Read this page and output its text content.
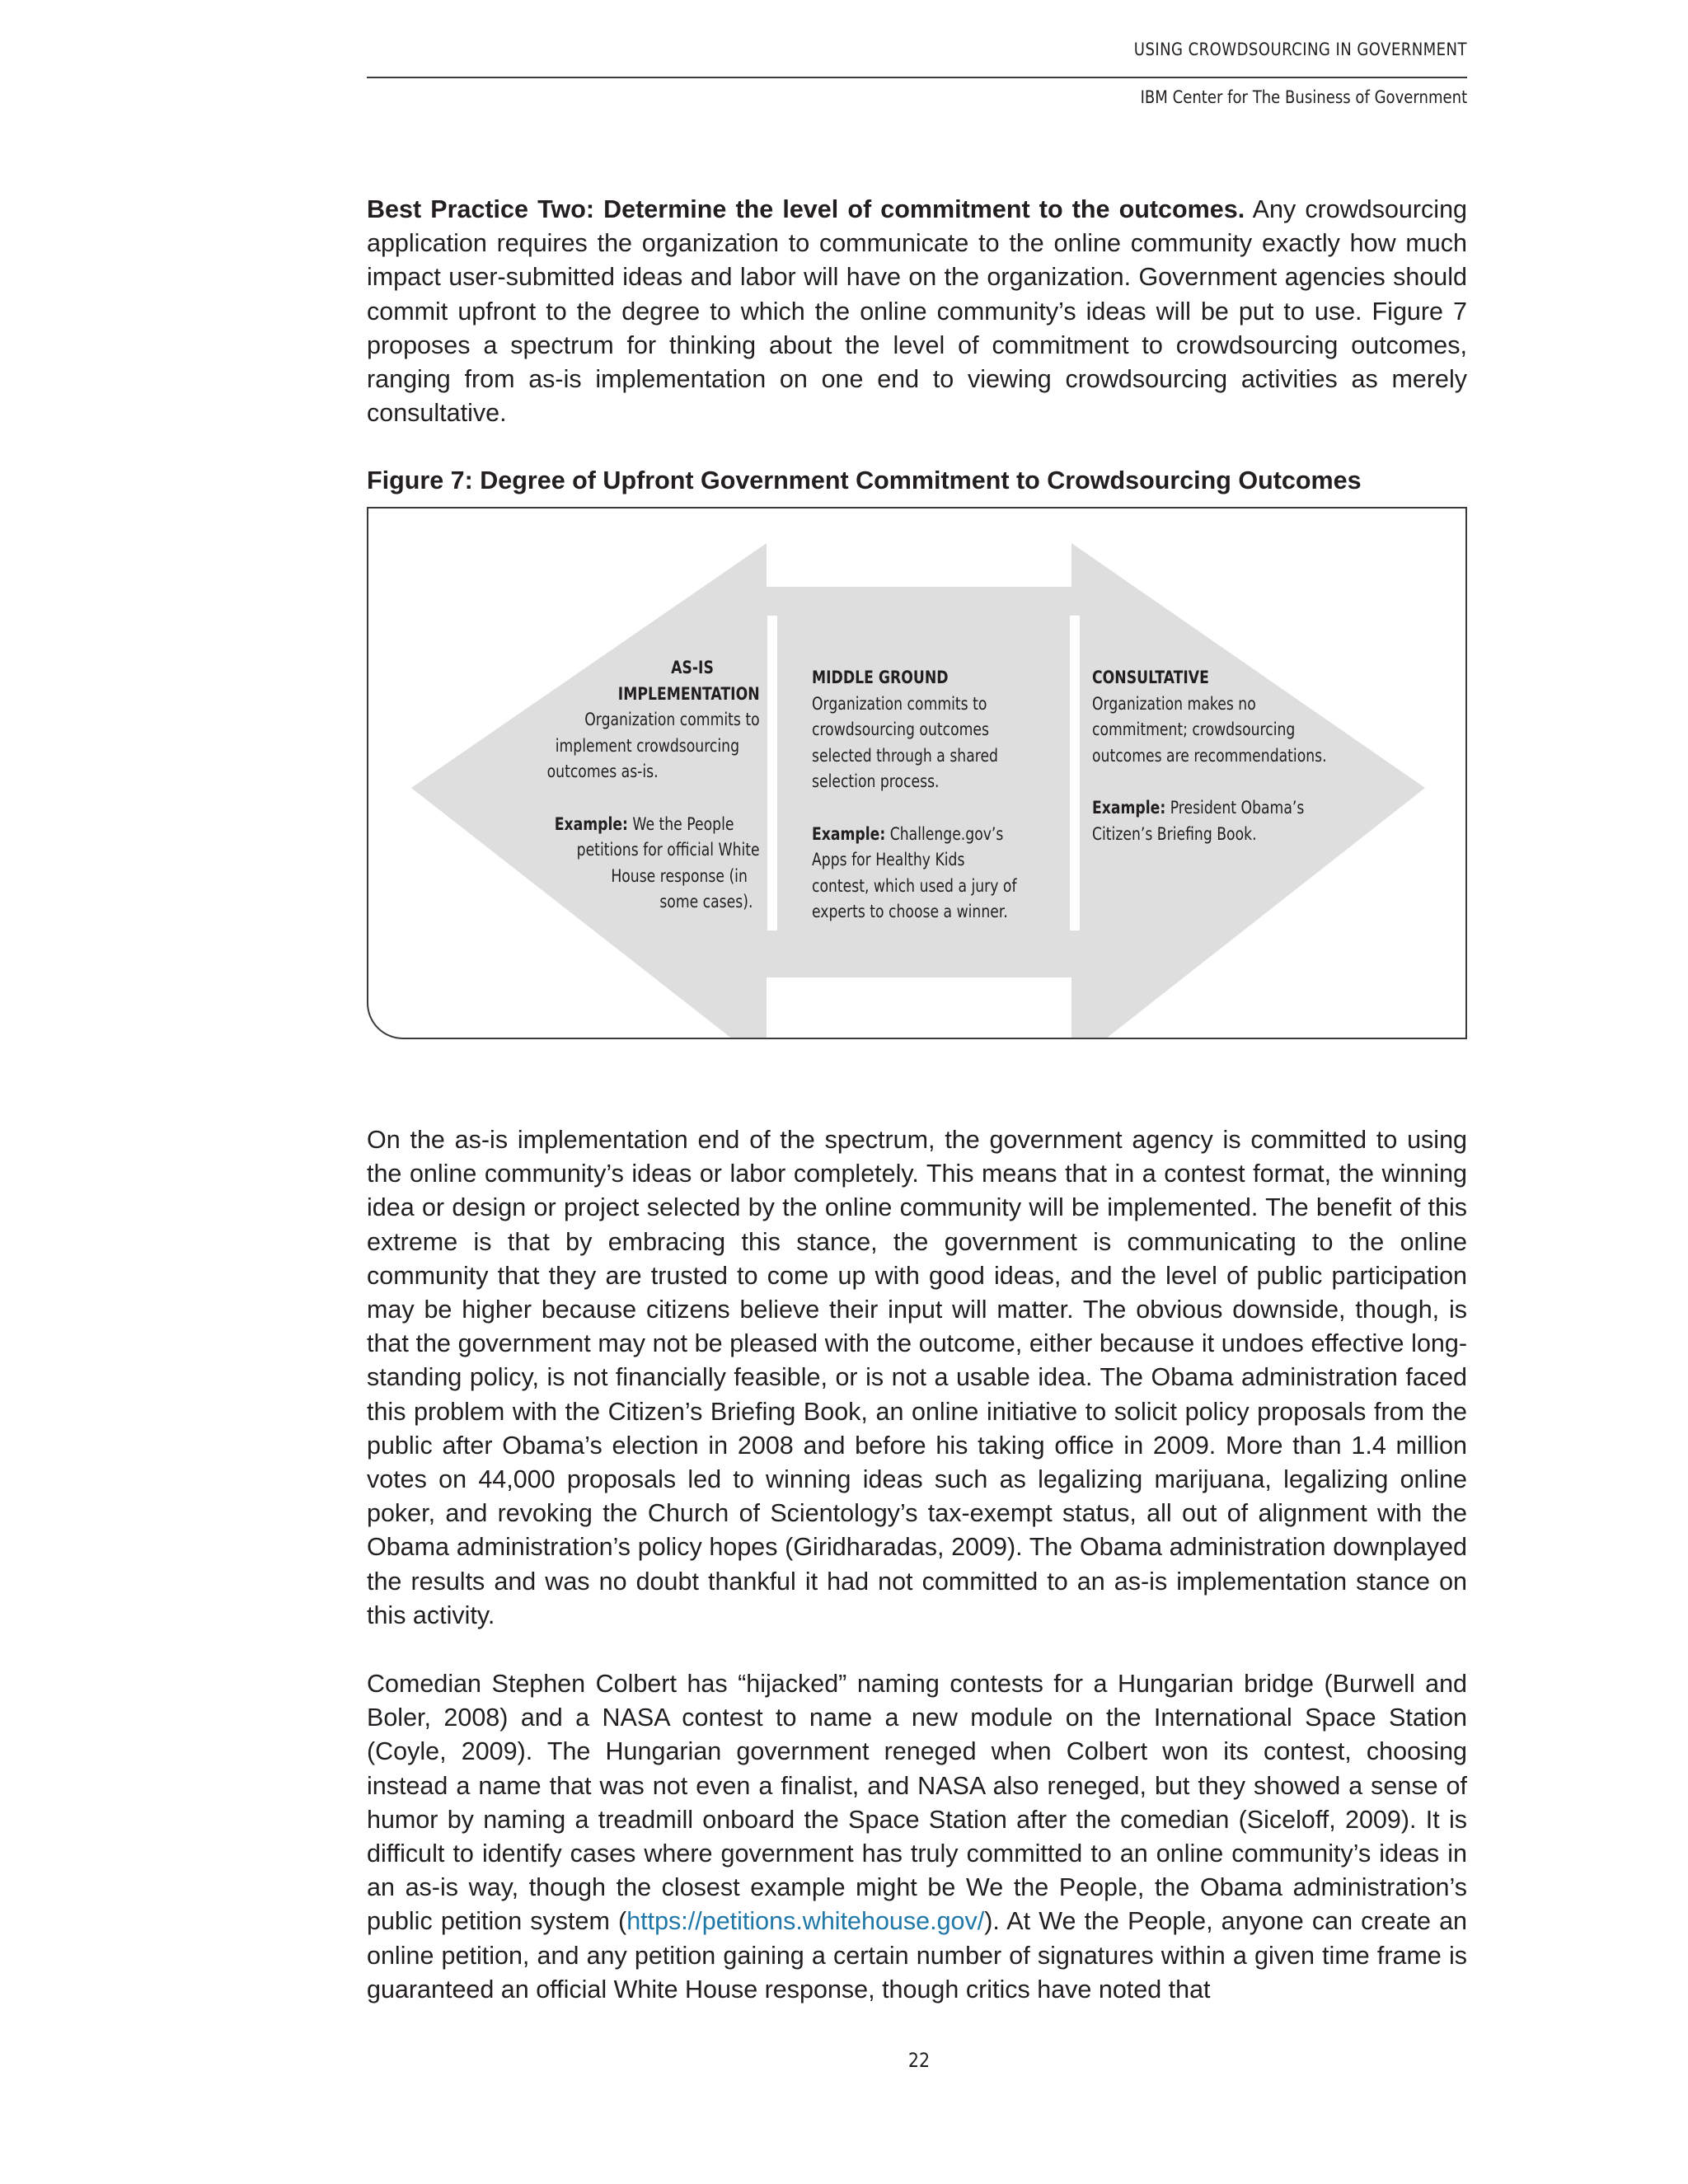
USING CROWDSOURCING IN GOVERNMENT
IBM Center for The Business of Government

Best Practice Two: Determine the level of commitment to the outcomes. Any crowdsourcing application requires the organization to communicate to the online community exactly how much impact user-submitted ideas and labor will have on the organization. Government agencies should commit upfront to the degree to which the online community’s ideas will be put to use. Figure 7 proposes a spectrum for thinking about the level of commitment to crowdsourcing outcomes, ranging from as-is implementation on one end to viewing crowdsourcing activities as merely consultative.

Figure 7: Degree of Upfront Government Commitment to Crowdsourcing Outcomes

AS-IS
IMPLEMENTATION
Organization commits to
implement crowdsourcing
outcomes as-is.
Example: We the People
petitions for official White
House response (in
some cases).
MIDDLE GROUND
Organization commits to
crowdsourcing outcomes
selected through a shared
selection process.
Example: Challenge.gov’s
Apps for Healthy Kids
contest, which used a jury of
experts to choose a winner.
CONSULTATIVE
Organization makes no
commitment; crowdsourcing
outcomes are recommendations.
Example: President Obama’s
Citizen’s Briefing Book.

On the as-is implementation end of the spectrum, the government agency is committed to using the online community’s ideas or labor completely. This means that in a contest format, the winning idea or design or project selected by the online community will be implemented. The benefit of this extreme is that by embracing this stance, the government is communicating to the online community that they are trusted to come up with good ideas, and the level of public participation may be higher because citizens believe their input will matter. The obvious downside, though, is that the government may not be pleased with the outcome, either because it undoes effective long-standing policy, is not financially feasible, or is not a usable idea. The Obama administration faced this problem with the Citizen’s Briefing Book, an online initiative to solicit policy proposals from the public after Obama’s election in 2008 and before his taking office in 2009. More than 1.4 million votes on 44,000 proposals led to winning ideas such as legalizing marijuana, legalizing online poker, and revoking the Church of Scientology’s tax-exempt status, all out of alignment with the Obama administration’s policy hopes (Giridharadas, 2009). The Obama administration downplayed the results and was no doubt thankful it had not committed to an as-is implementation stance on this activity.

Comedian Stephen Colbert has “hijacked” naming contests for a Hungarian bridge (Burwell and Boler, 2008) and a NASA contest to name a new module on the International Space Station (Coyle, 2009). The Hungarian government reneged when Colbert won its contest, choosing instead a name that was not even a finalist, and NASA also reneged, but they showed a sense of humor by naming a treadmill onboard the Space Station after the comedian (Siceloff, 2009). It is difficult to identify cases where government has truly committed to an online community’s ideas in an as-is way, though the closest example might be We the People, the Obama administration’s public petition system (https://petitions.whitehouse.gov/). At We the People, anyone can create an online petition, and any petition gaining a certain number of signatures within a given time frame is guaranteed an official White House response, though critics have noted that

22
